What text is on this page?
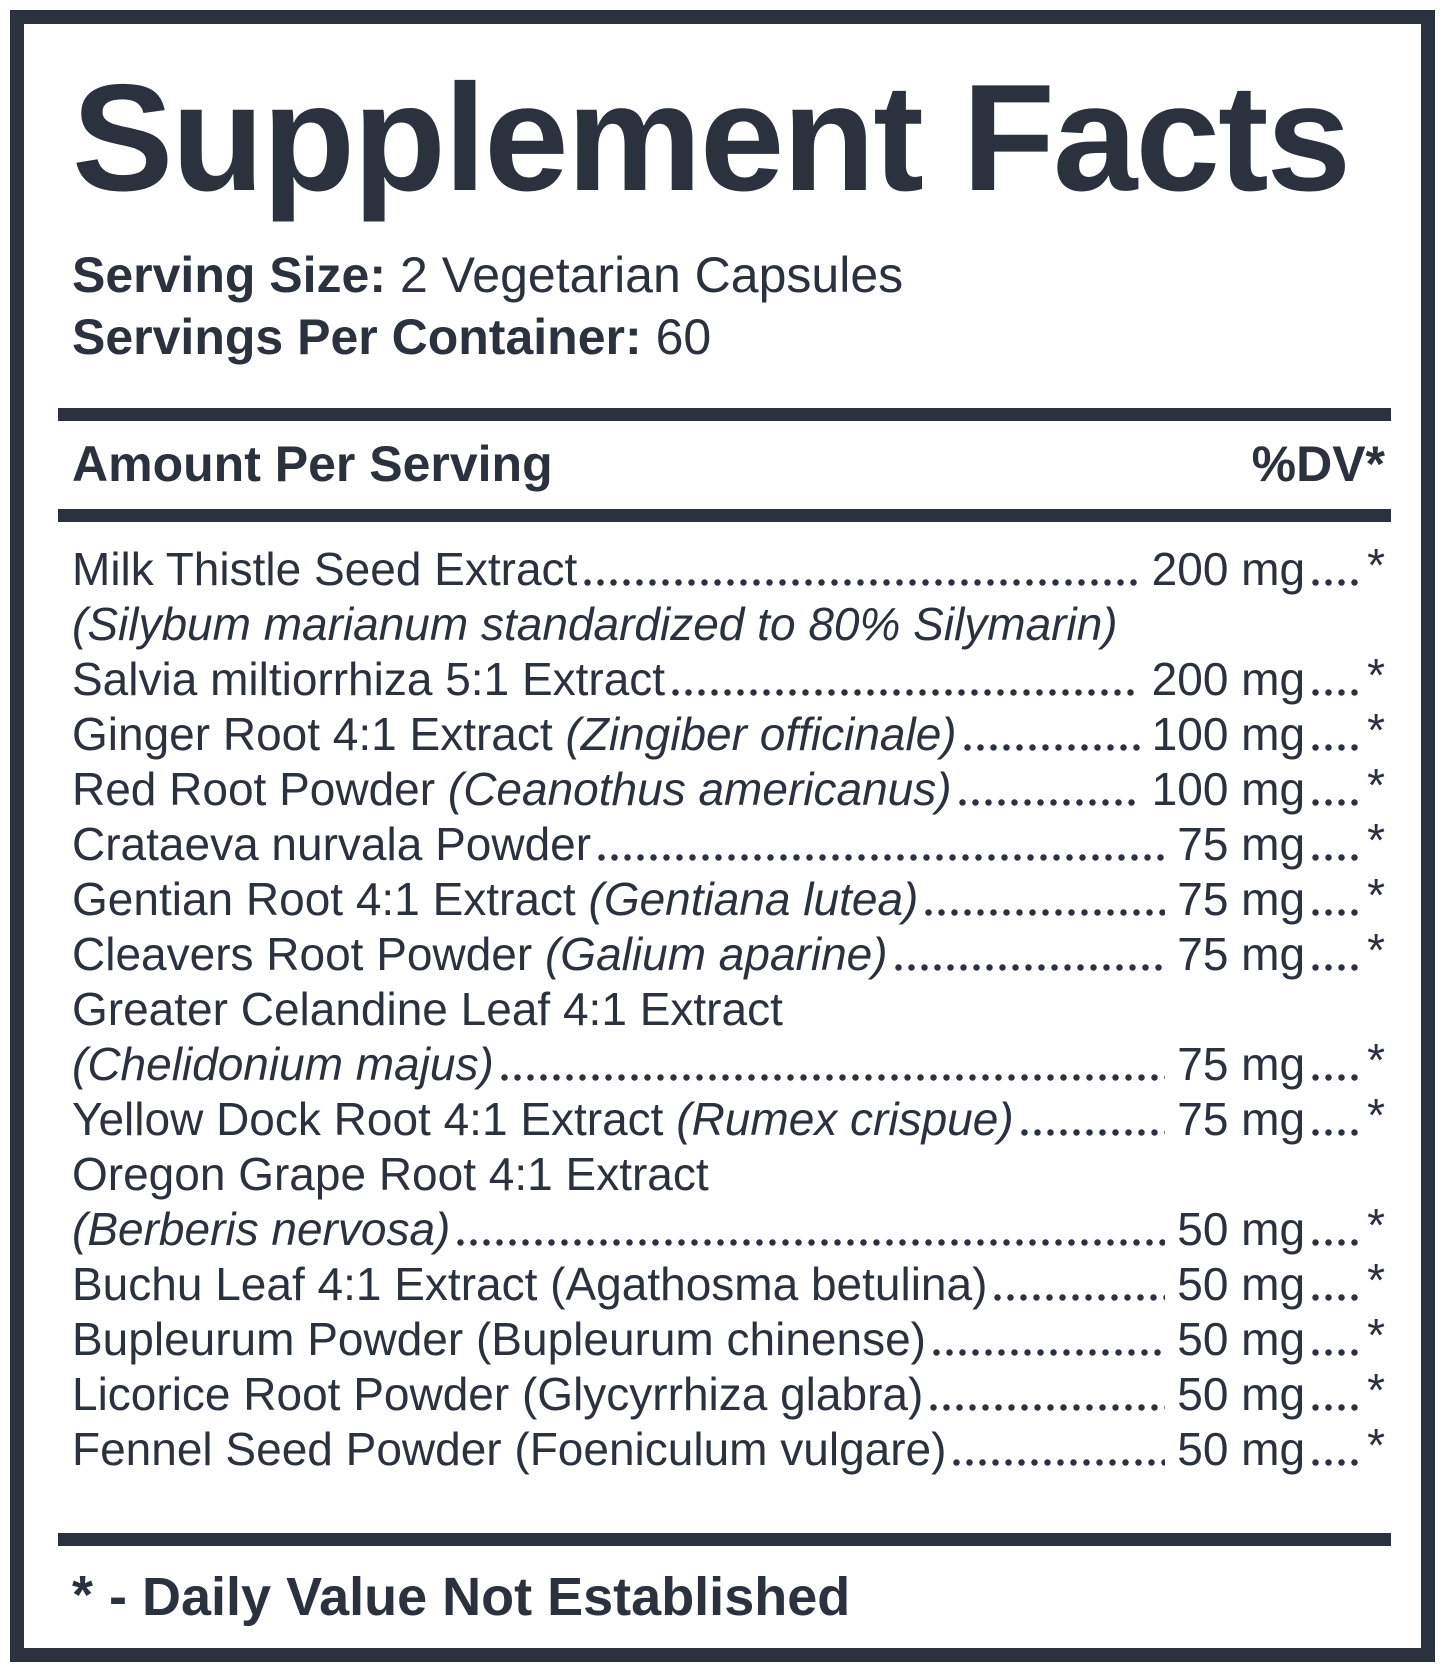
Supplement Facts
Serving Size: 2 Vegetarian Capsules
Servings Per Container: 60
Amount Per Serving	%DV*
Milk Thistle Seed Extract	200 mg *
(Silybum marianum standardized to 80% Silymarin)
Salvia miltiorrhiza 5:1 Extract	200 mg *
Ginger Root 4:1 Extract (Zingiber officinale)	100 mg *
Red Root Powder (Ceanothus americanus)	100 mg *
Crataeva nurvala Powder	75 mg *
Gentian Root 4:1 Extract (Gentiana lutea)	75 mg *
Cleavers Root Powder (Galium aparine)	75 mg *
Greater Celandine Leaf 4:1 Extract
(Chelidonium majus)	75 mg *
Yellow Dock Root 4:1 Extract (Rumex crispue)	75 mg *
Oregon Grape Root 4:1 Extract
(Berberis nervosa)	50 mg *
Buchu Leaf 4:1 Extract (Agathosma betulina)	50 mg *
Bupleurum Powder (Bupleurum chinense)	50 mg *
Licorice Root Powder (Glycyrrhiza glabra)	50 mg *
Fennel Seed Powder (Foeniculum vulgare)	50 mg *
* - Daily Value Not Established
